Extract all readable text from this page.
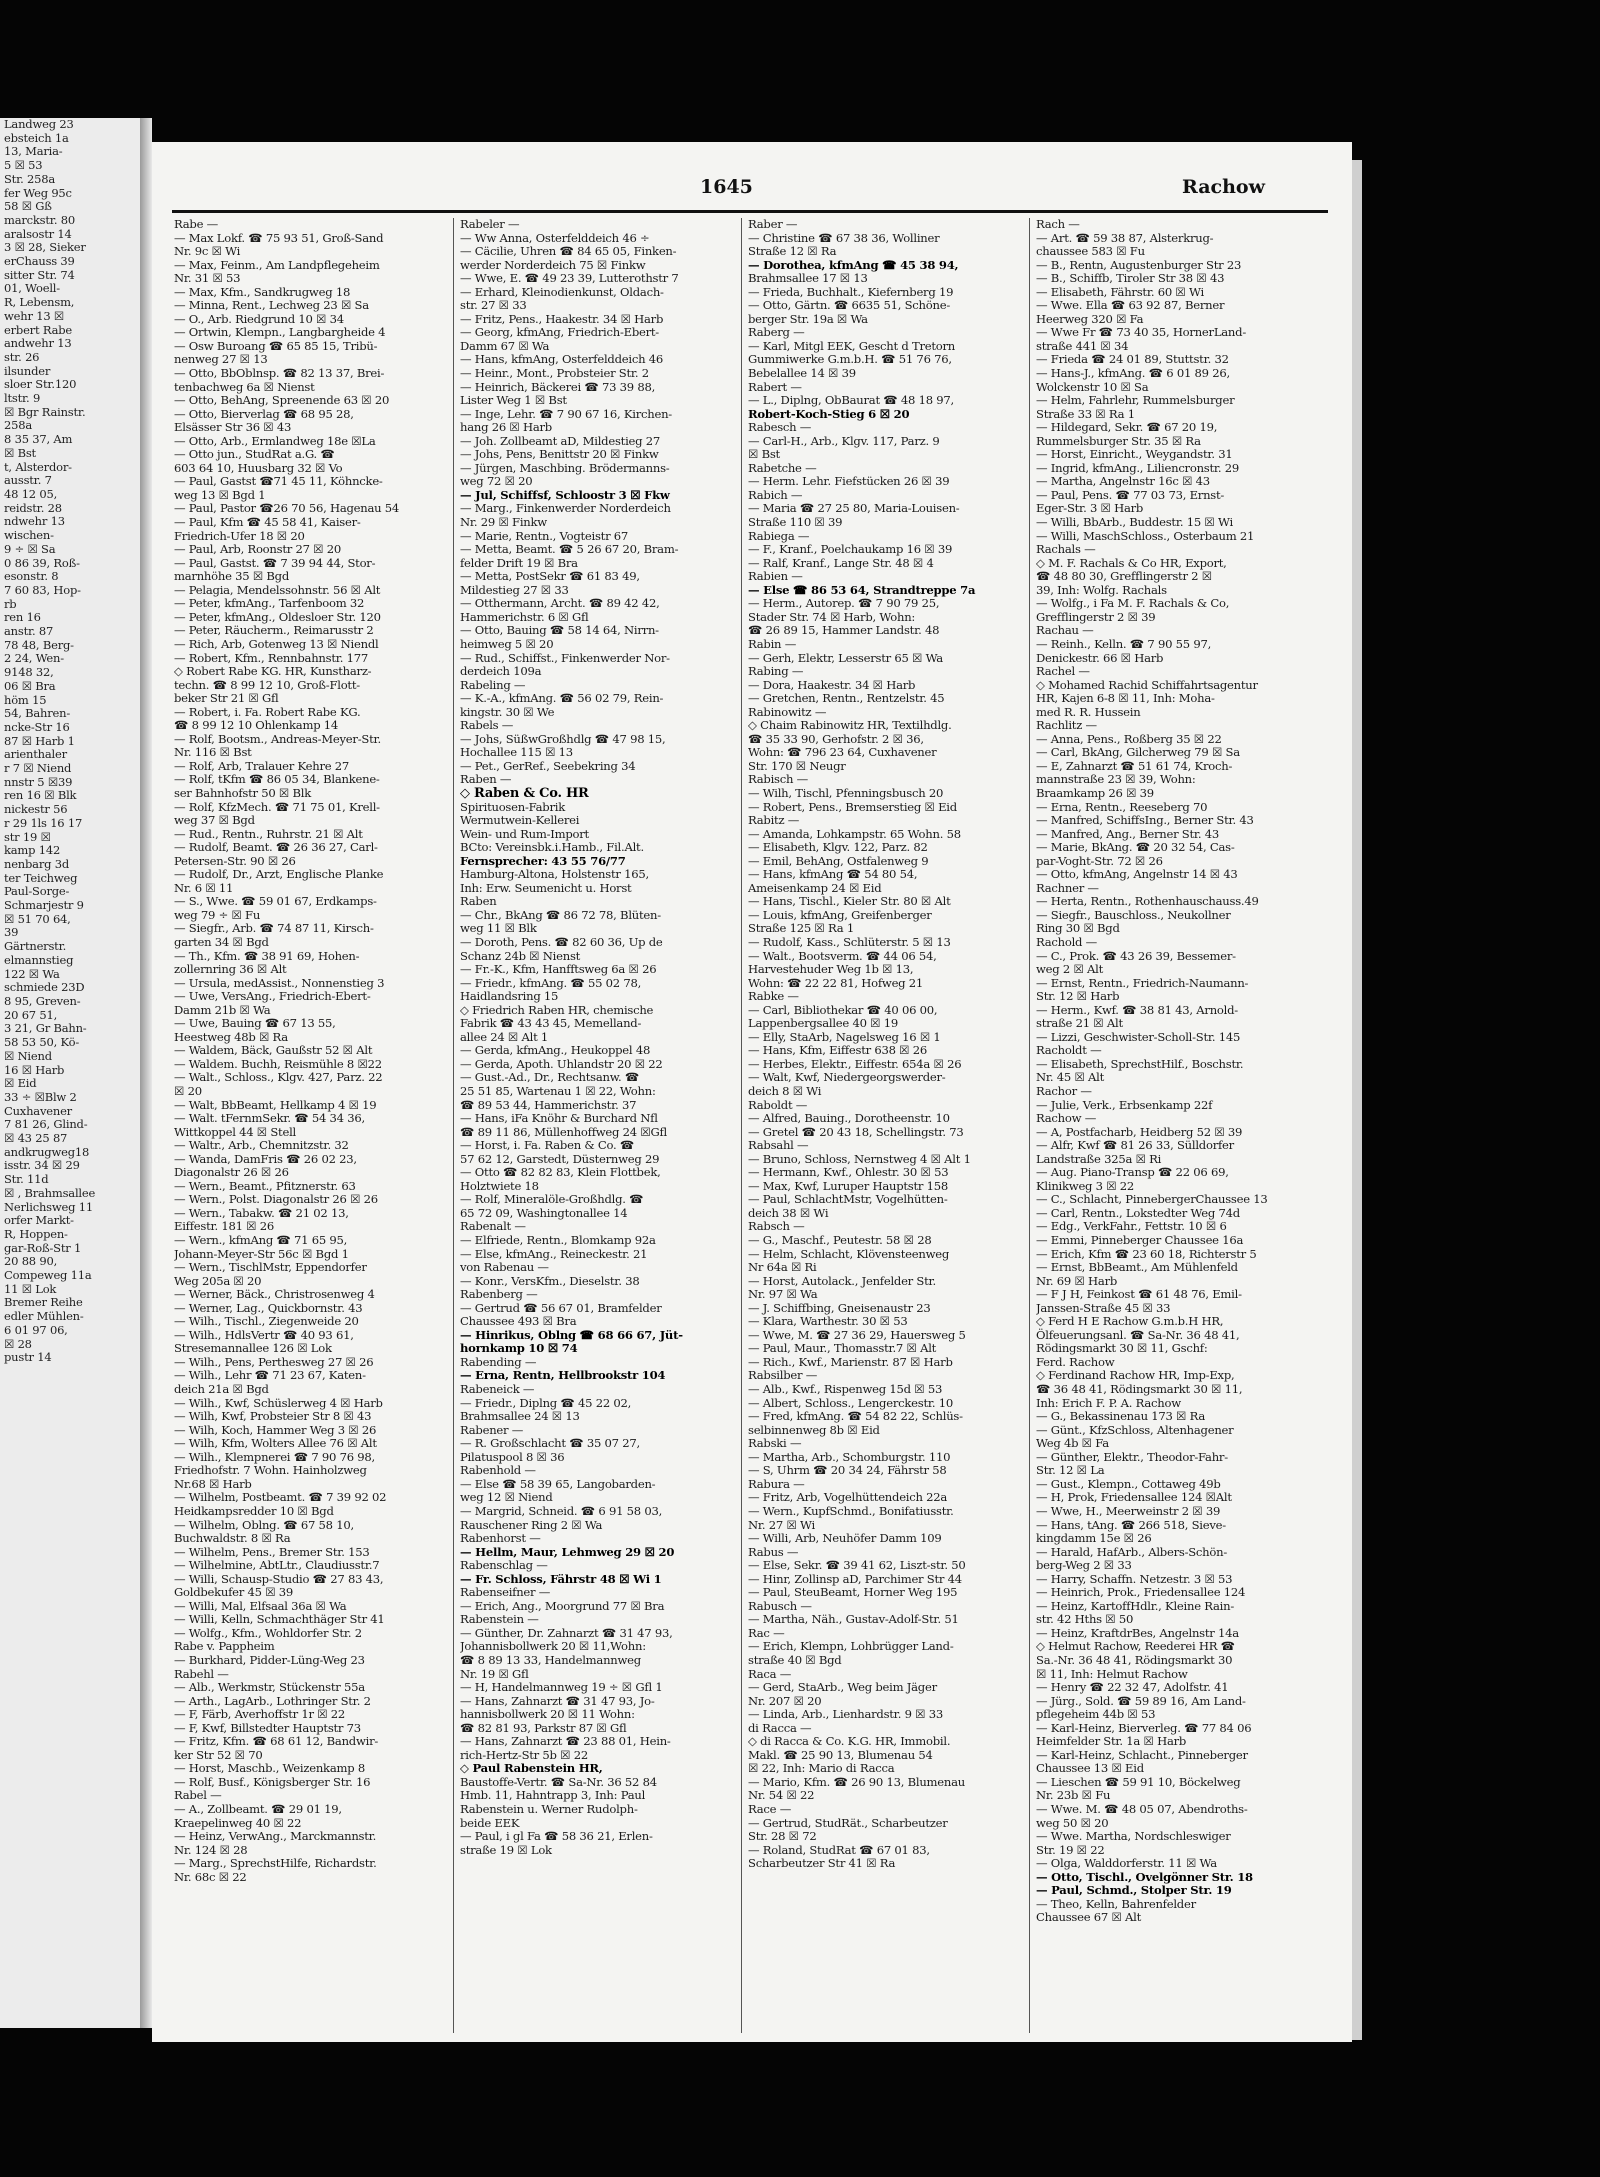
Landweg 23
ebsteich 1a
13, Maria-
5 ☒ 53
Str. 258a
fer Weg 95c
58 ☒ Gß
marckstr. 80
aralsostr 14
3 ☒ 28, Sieker
erChauss 39
sitter Str. 74
01, Woell-
R, Lebensm,
wehr 13 ☒
erbert Rabe
andwehr 13
str. 26
ilsunder
sloer Str.120
ltstr. 9
☒ Bgr Rainstr.
258a
8 35 37, Am
☒ Bst
t, Alsterdor-
ausstr. 7
48 12 05,
reidstr. 28
ndwehr 13
wischen-
9 ÷ ☒ Sa
0 86 39, Roß-
esonstr. 8
7 60 83, Hop-
rb
ren 16
anstr. 87
78 48, Berg-
2 24, Wen-
9148 32,
06 ☒ Bra
höm 15
54, Bahren-
ncke-Str 16
87 ☒ Harb 1
arienthaler
r 7 ☒ Niend
nnstr 5 ☒39
ren 16 ☒ Blk
nickestr 56
r 29 1ls 16 17
str 19 ☒
kamp 142
nenbarg 3d
ter Teichweg
Paul-Sorge-
Schmarjestr 9
☒ 51 70 64,
39
Gärtnerstr.
elmannstieg
122 ☒ Wa
schmiede 23D
8 95, Greven-
20 67 51,
3 21, Gr Bahn-
58 53 50, Kö-
☒ Niend
16 ☒ Harb
☒ Eid
33 ÷ ☒Blw 2
Cuxhavener
7 81 26, Glind-
☒ 43 25 87
andkrugweg18
isstr. 34 ☒ 29
Str. 11d
☒ , Brahmsallee
Nerlichsweg 11
orfer Markt-
R, Hoppen-
gar-Roß-Str 1
20 88 90,
Compeweg 11a
11 ☒ Lok
Bremer Reihe
edler Mühlen-
6 01 97 06,
☒ 28
pustr 14
1645	Rachow
Rabe —
— Max Lokf. ☎ 75 93 51, Groß-Sand
Nr. 9c ☒ Wi
— Max, Feinm., Am Landpflegeheim
Nr. 31 ☒ 53
— Max, Kfm., Sandkrugweg 18
— Minna, Rent., Lechweg 23 ☒ Sa
— O., Arb. Riedgrund 10 ☒ 34
— Ortwin, Klempn., Langbargheide 4
— Osw Buroang ☎ 65 85 15, Tribü-
nenweg 27 ☒ 13
— Otto, BbOblnsp. ☎ 82 13 37, Brei-
tenbachweg 6a ☒ Nienst
— Otto, BehAng, Spreenende 63 ☒ 20
— Otto, Bierverlag ☎ 68 95 28,
Elsässer Str 36 ☒ 43
— Otto, Arb., Ermlandweg 18e ☒La
— Otto jun., StudRat a.G. ☎
603 64 10, Huusbarg 32 ☒ Vo
— Paul, Gastst ☎71 45 11, Köhncke-
weg 13 ☒ Bgd 1
— Paul, Pastor ☎26 70 56, Hagenau 54
— Paul, Kfm ☎ 45 58 41, Kaiser-
Friedrich-Ufer 18 ☒ 20
— Paul, Arb, Roonstr 27 ☒ 20
— Paul, Gastst. ☎ 7 39 94 44, Stor-
marnhöhe 35 ☒ Bgd
— Pelagia, Mendelssohnstr. 56 ☒ Alt
— Peter, kfmAng., Tarfenboom 32
— Peter, kfmAng., Oldesloer Str. 120
— Peter, Räucherm., Reimarusstr 2
— Rich, Arb, Gotenweg 13 ☒ Niendl
— Robert, Kfm., Rennbahnstr. 177
◇ Robert Rabe KG. HR, Kunstharz-
techn. ☎ 8 99 12 10, Groß-Flott-
beker Str 21 ☒ Gfl
— Robert, i. Fa. Robert Rabe KG.
☎ 8 99 12 10 Ohlenkamp 14
— Rolf, Bootsm., Andreas-Meyer-Str.
Nr. 116 ☒ Bst
— Rolf, Arb, Tralauer Kehre 27
— Rolf, tKfm ☎ 86 05 34, Blankene-
ser Bahnhofstr 50 ☒ Blk
— Rolf, KfzMech. ☎ 71 75 01, Krell-
weg 37 ☒ Bgd
— Rud., Rentn., Ruhrstr. 21 ☒ Alt
— Rudolf, Beamt. ☎ 26 36 27, Carl-
Petersen-Str. 90 ☒ 26
— Rudolf, Dr., Arzt, Englische Planke
Nr. 6 ☒ 11
— S., Wwe. ☎ 59 01 67, Erdkamps-
weg 79 ÷ ☒ Fu
— Siegfr., Arb. ☎ 74 87 11, Kirsch-
garten 34 ☒ Bgd
— Th., Kfm. ☎ 38 91 69, Hohen-
zollernring 36 ☒ Alt
— Ursula, medAssist., Nonnenstieg 3
— Uwe, VersAng., Friedrich-Ebert-
Damm 21b ☒ Wa
— Uwe, Bauing ☎ 67 13 55,
Heestweg 48b ☒ Ra
— Waldem, Bäck, Gaußstr 52 ☒ Alt
— Waldem. Buchh, Reismühle 8 ☒22
— Walt., Schloss., Klgv. 427, Parz. 22
☒ 20
— Walt, BbBeamt, Hellkamp 4 ☒ 19
— Walt. tFernmSekr. ☎ 54 34 36,
Wittkoppel 44 ☒ Stell
— Waltr., Arb., Chemnitzstr. 32
— Wanda, DamFris ☎ 26 02 23,
Diagonalstr 26 ☒ 26
— Wern., Beamt., Pfitznerstr. 63
— Wern., Polst. Diagonalstr 26 ☒ 26
— Wern., Tabakw. ☎ 21 02 13,
Eiffestr. 181 ☒ 26
— Wern., kfmAng ☎ 71 65 95,
Johann-Meyer-Str 56c ☒ Bgd 1
— Wern., TischlMstr, Eppendorfer
Weg 205a ☒ 20
— Werner, Bäck., Christrosenweg 4
— Werner, Lag., Quickbornstr. 43
— Wilh., Tischl., Ziegenweide 20
— Wilh., HdlsVertr ☎ 40 93 61,
Stresemannallee 126 ☒ Lok
— Wilh., Pens, Perthesweg 27 ☒ 26
— Wilh., Lehr ☎ 71 23 67, Katen-
deich 21a ☒ Bgd
— Wilh., Kwf, Schüslerweg 4 ☒ Harb
— Wilh, Kwf, Probsteier Str 8 ☒ 43
— Wilh, Koch, Hammer Weg 3 ☒ 26
— Wilh, Kfm, Wolters Allee 76 ☒ Alt
— Wilh., Klempnerei ☎ 7 90 76 98,
Friedhofstr. 7 Wohn. Hainholzweg
Nr.68 ☒ Harb
— Wilhelm, Postbeamt. ☎ 7 39 92 02
Heidkampsredder 10 ☒ Bgd
— Wilhelm, Oblng. ☎ 67 58 10,
Buchwaldstr. 8 ☒ Ra
— Wilhelm, Pens., Bremer Str. 153
— Wilhelmine, AbtLtr., Claudiusstr.7
— Willi, Schausp-Studio ☎ 27 83 43,
Goldbekufer 45 ☒ 39
— Willi, Mal, Elfsaal 36a ☒ Wa
— Willi, Kelln, Schmachthäger Str 41
— Wolfg., Kfm., Wohldorfer Str. 2
Rabe v. Pappheim
— Burkhard, Pidder-Lüng-Weg 23
Rabehl —
— Alb., Werkmstr, Stückenstr 55a
— Arth., LagArb., Lothringer Str. 2
— F, Färb, Averhoffstr 1r ☒ 22
— F, Kwf, Billstedter Hauptstr 73
— Fritz, Kfm. ☎ 68 61 12, Bandwir-
ker Str 52 ☒ 70
— Horst, Maschb., Weizenkamp 8
— Rolf, Busf., Königsberger Str. 16
Rabel —
— A., Zollbeamt. ☎ 29 01 19,
Kraepelinweg 40 ☒ 22
— Heinz, VerwAng., Marckmannstr.
Nr. 124 ☒ 28
— Marg., SprechstHilfe, Richardstr.
Nr. 68c ☒ 22
Rabeler —
— Ww Anna, Osterfelddeich 46 ÷
— Cäcilie, Uhren ☎ 84 65 05, Finken-
werder Norderdeich 75 ☒ Finkw
— Wwe, E. ☎ 49 23 39, Lutterothstr 7
— Erhard, Kleinodienkunst, Oldach-
str. 27 ☒ 33
— Fritz, Pens., Haakestr. 34 ☒ Harb
— Georg, kfmAng, Friedrich-Ebert-
Damm 67 ☒ Wa
— Hans, kfmAng, Osterfelddeich 46
— Heinr., Mont., Probsteier Str. 2
— Heinrich, Bäckerei ☎ 73 39 88,
Lister Weg 1 ☒ Bst
— Inge, Lehr. ☎ 7 90 67 16, Kirchen-
hang 26 ☒ Harb
— Joh. Zollbeamt aD, Mildestieg 27
— Johs, Pens, Benittstr 20 ☒ Finkw
— Jürgen, Maschbing. Brödermanns-
weg 72 ☒ 20
— Jul, Schiffsf, Schloostr 3 ☒ Fkw
— Marg., Finkenwerder Norderdeich
Nr. 29 ☒ Finkw
— Marie, Rentn., Vogteistr 67
— Metta, Beamt. ☎ 5 26 67 20, Bram-
felder Drift 19 ☒ Bra
— Metta, PostSekr ☎ 61 83 49,
Mildestieg 27 ☒ 33
— Otthermann, Archt. ☎ 89 42 42,
Hammerichstr. 6 ☒ Gfl
— Otto, Bauing ☎ 58 14 64, Nirrn-
heimweg 5 ☒ 20
— Rud., Schiffst., Finkenwerder Nor-
derdeich 109a
Rabeling —
— K.-A., kfmAng. ☎ 56 02 79, Rein-
kingstr. 30 ☒ We
Rabels —
— Johs, SüßwGroßhdlg ☎ 47 98 15,
Hochallee 115 ☒ 13
— Pet., GerRef., Seebekring 34
Raben —
◇ Raben & Co. HR
Spirituosen-Fabrik
Wermutwein-Kellerei
Wein- und Rum-Import
BCto: Vereinsbk.i.Hamb., Fil.Alt.
Fernsprecher: 43 55 76/77
Hamburg-Altona, Holstenstr 165,
Inh: Erw. Seumenicht u. Horst
Raben
— Chr., BkAng ☎ 86 72 78, Blüten-
weg 11 ☒ Blk
— Doroth, Pens. ☎ 82 60 36, Up de
Schanz 24b ☒ Nienst
— Fr.-K., Kfm, Hanfftsweg 6a ☒ 26
— Friedr., kfmAng. ☎ 55 02 78,
Haidlandsring 15
◇ Friedrich Raben HR, chemische
Fabrik ☎ 43 43 45, Memelland-
allee 24 ☒ Alt 1
— Gerda, kfmAng., Heukoppel 48
— Gerda, Apoth. Uhlandstr 20 ☒ 22
— Gust.-Ad., Dr., Rechtsanw. ☎
25 51 85, Wartenau 1 ☒ 22, Wohn:
☎ 89 53 44, Hammerichstr. 37
— Hans, iFa Knöhr & Burchard Nfl
☎ 89 11 86, Müllenhoffweg 24 ☒Gfl
— Horst, i. Fa. Raben & Co. ☎
57 62 12, Garstedt, Düsternweg 29
— Otto ☎ 82 82 83, Klein Flottbek,
Holztwiete 18
— Rolf, Mineralöle-Großhdlg. ☎
65 72 09, Washingtonallee 14
Rabenalt —
— Elfriede, Rentn., Blomkamp 92a
— Else, kfmAng., Reineckestr. 21
von Rabenau —
— Konr., VersKfm., Dieselstr. 38
Rabenberg —
— Gertrud ☎ 56 67 01, Bramfelder
Chaussee 493 ☒ Bra
— Hinrikus, Oblng ☎ 68 66 67, Jüt-
hornkamp 10 ☒ 74
Rabending —
— Erna, Rentn, Hellbrookstr 104
Rabeneick —
— Friedr., Diplng ☎ 45 22 02,
Brahmsallee 24 ☒ 13
Rabener —
— R. Großschlacht ☎ 35 07 27,
Pilatuspool 8 ☒ 36
Rabenhold —
— Else ☎ 58 39 65, Langobarden-
weg 12 ☒ Niend
— Margrid, Schneid. ☎ 6 91 58 03,
Rauschener Ring 2 ☒ Wa
Rabenhorst —
— Hellm, Maur, Lehmweg 29 ☒ 20
Rabenschlag —
— Fr. Schloss, Fährstr 48 ☒ Wi 1
Rabenseifner —
— Erich, Ang., Moorgrund 77 ☒ Bra
Rabenstein —
— Günther, Dr. Zahnarzt ☎ 31 47 93,
Johannisbollwerk 20 ☒ 11,Wohn:
☎ 8 89 13 33, Handelmannweg
Nr. 19 ☒ Gfl
— H, Handelmannweg 19 ÷ ☒ Gfl 1
— Hans, Zahnarzt ☎ 31 47 93, Jo-
hannisbollwerk 20 ☒ 11 Wohn:
☎ 82 81 93, Parkstr 87 ☒ Gfl
— Hans, Zahnarzt ☎ 23 88 01, Hein-
rich-Hertz-Str 5b ☒ 22
◇ Paul Rabenstein HR,
Baustoffe-Vertr. ☎ Sa-Nr. 36 52 84
Hmb. 11, Hahntrapp 3, Inh: Paul
Rabenstein u. Werner Rudolph-
beide EEK
— Paul, i gl Fa ☎ 58 36 21, Erlen-
straße 19 ☒ Lok
Raber —
— Christine ☎ 67 38 36, Wolliner
Straße 12 ☒ Ra
— Dorothea, kfmAng ☎ 45 38 94,
Brahmsallee 17 ☒ 13
— Frieda, Buchhalt., Kiefernberg 19
— Otto, Gärtn. ☎ 6635 51, Schöne-
berger Str. 19a ☒ Wa
Raberg —
— Karl, Mitgl EEK, Gescht d Tretorn
Gummiwerke G.m.b.H. ☎ 51 76 76,
Bebelallee 14 ☒ 39
Rabert —
— L., Diplng, ObBaurat ☎ 48 18 97,
Robert-Koch-Stieg 6 ☒ 20
Rabesch —
— Carl-H., Arb., Klgv. 117, Parz. 9
☒ Bst
Rabetche —
— Herm. Lehr. Fiefstücken 26 ☒ 39
Rabich —
— Maria ☎ 27 25 80, Maria-Louisen-
Straße 110 ☒ 39
Rabiega —
— F., Kranf., Poelchaukamp 16 ☒ 39
— Ralf, Kranf., Lange Str. 48 ☒ 4
Rabien —
— Else ☎ 86 53 64, Strandtreppe 7a
— Herm., Autorep. ☎ 7 90 79 25,
Stader Str. 74 ☒ Harb, Wohn:
☎ 26 89 15, Hammer Landstr. 48
Rabin —
— Gerh, Elektr, Lesserstr 65 ☒ Wa
Rabing —
— Dora, Haakestr. 34 ☒ Harb
— Gretchen, Rentn., Rentzelstr. 45
Rabinowitz —
◇ Chaim Rabinowitz HR, Textilhdlg.
☎ 35 33 90, Gerhofstr. 2 ☒ 36,
Wohn: ☎ 796 23 64, Cuxhavener
Str. 170 ☒ Neugr
Rabisch —
— Wilh, Tischl, Pfenningsbusch 20
— Robert, Pens., Bremserstieg ☒ Eid
Rabitz —
— Amanda, Lohkampstr. 65 Wohn. 58
— Elisabeth, Klgv. 122, Parz. 82
— Emil, BehAng, Ostfalenweg 9
— Hans, kfmAng ☎ 54 80 54,
Ameisenkamp 24 ☒ Eid
— Hans, Tischl., Kieler Str. 80 ☒ Alt
— Louis, kfmAng, Greifenberger
Straße 125 ☒ Ra 1
— Rudolf, Kass., Schlüterstr. 5 ☒ 13
— Walt., Bootsverm. ☎ 44 06 54,
Harvestehuder Weg 1b ☒ 13,
Wohn: ☎ 22 22 81, Hofweg 21
Rabke —
— Carl, Bibliothekar ☎ 40 06 00,
Lappenbergsallee 40 ☒ 19
— Elly, StaArb, Nagelsweg 16 ☒ 1
— Hans, Kfm, Eiffestr 638 ☒ 26
— Herbes, Elektr., Eiffestr. 654a ☒ 26
— Walt, Kwf, Niedergeorgswerder-
deich 8 ☒ Wi
Raboldt —
— Alfred, Bauing., Dorotheenstr. 10
— Gretel ☎ 20 43 18, Schellingstr. 73
Rabsahl —
— Bruno, Schloss, Nernstweg 4 ☒ Alt 1
— Hermann, Kwf., Ohlestr. 30 ☒ 53
— Max, Kwf, Luruper Hauptstr 158
— Paul, SchlachtMstr, Vogelhütten-
deich 38 ☒ Wi
Rabsch —
— G., Maschf., Peutestr. 58 ☒ 28
— Helm, Schlacht, Klövensteenweg
Nr 64a ☒ Ri
— Horst, Autolack., Jenfelder Str.
Nr. 97 ☒ Wa
— J. Schiffbing, Gneisenaustr 23
— Klara, Warthestr. 30 ☒ 53
— Wwe, M. ☎ 27 36 29, Hauersweg 5
— Paul, Maur., Thomasstr.7 ☒ Alt
— Rich., Kwf., Marienstr. 87 ☒ Harb
Rabsilber —
— Alb., Kwf., Rispenweg 15d ☒ 53
— Albert, Schloss., Lengerckestr. 10
— Fred, kfmAng. ☎ 54 82 22, Schlüs-
selbinnenweg 8b ☒ Eid
Rabski —
— Martha, Arb., Schomburgstr. 110
— S, Uhrm ☎ 20 34 24, Fährstr 58
Rabura —
— Fritz, Arb, Vogelhüttendeich 22a
— Wern., KupfSchmd., Bonifatiusstr.
Nr. 27 ☒ Wi
— Willi, Arb, Neuhöfer Damm 109
Rabus —
— Else, Sekr. ☎ 39 41 62, Liszt-str. 50
— Hinr, Zollinsp aD, Parchimer Str 44
— Paul, SteuBeamt, Horner Weg 195
Rabusch —
— Martha, Näh., Gustav-Adolf-Str. 51
Rac —
— Erich, Klempn, Lohbrügger Land-
straße 40 ☒ Bgd
Raca —
— Gerd, StaArb., Weg beim Jäger
Nr. 207 ☒ 20
— Linda, Arb., Lienhardstr. 9 ☒ 33
di Racca —
◇ di Racca & Co. K.G. HR, Immobil.
Makl. ☎ 25 90 13, Blumenau 54
☒ 22, Inh: Mario di Racca
— Mario, Kfm. ☎ 26 90 13, Blumenau
Nr. 54 ☒ 22
Race —
— Gertrud, StudRät., Scharbeutzer
Str. 28 ☒ 72
— Roland, StudRat ☎ 67 01 83,
Scharbeutzer Str 41 ☒ Ra
Rach —
— Art. ☎ 59 38 87, Alsterkrug-
chaussee 583 ☒ Fu
— B., Rentn, Augustenburger Str 23
— B., Schiffb, Tiroler Str 38 ☒ 43
— Elisabeth, Fährstr. 60 ☒ Wi
— Wwe. Ella ☎ 63 92 87, Berner
Heerweg 320 ☒ Fa
— Wwe Fr ☎ 73 40 35, HornerLand-
straße 441 ☒ 34
— Frieda ☎ 24 01 89, Stuttstr. 32
— Hans-J., kfmAng. ☎ 6 01 89 26,
Wolckenstr 10 ☒ Sa
— Helm, Fahrlehr, Rummelsburger
Straße 33 ☒ Ra 1
— Hildegard, Sekr. ☎ 67 20 19,
Rummelsburger Str. 35 ☒ Ra
— Horst, Einricht., Weygandstr. 31
— Ingrid, kfmAng., Liliencronstr. 29
— Martha, Angelnstr 16c ☒ 43
— Paul, Pens. ☎ 77 03 73, Ernst-
Eger-Str. 3 ☒ Harb
— Willi, BbArb., Buddestr. 15 ☒ Wi
— Willi, MaschSchloss., Osterbaum 21
Rachals —
◇ M. F. Rachals & Co HR, Export,
☎ 48 80 30, Grefflingerstr 2 ☒
39, Inh: Wolfg. Rachals
— Wolfg., i Fa M. F. Rachals & Co,
Grefflingerstr 2 ☒ 39
Rachau —
— Reinh., Kelln. ☎ 7 90 55 97,
Denickestr. 66 ☒ Harb
Rachel —
◇ Mohamed Rachid Schiffahrtsagentur
HR, Kajen 6-8 ☒ 11, Inh: Moha-
med R. R. Hussein
Rachlitz —
— Anna, Pens., Roßberg 35 ☒ 22
— Carl, BkAng, Gilcherweg 79 ☒ Sa
— E, Zahnarzt ☎ 51 61 74, Kroch-
mannstraße 23 ☒ 39, Wohn:
Braamkamp 26 ☒ 39
— Erna, Rentn., Reeseberg 70
— Manfred, SchiffsIng., Berner Str. 43
— Manfred, Ang., Berner Str. 43
— Marie, BkAng. ☎ 20 32 54, Cas-
par-Voght-Str. 72 ☒ 26
— Otto, kfmAng, Angelnstr 14 ☒ 43
Rachner —
— Herta, Rentn., Rothenhauschauss.49
— Siegfr., Bauschloss., Neukollner
Ring 30 ☒ Bgd
Rachold —
— C., Prok. ☎ 43 26 39, Bessemer-
weg 2 ☒ Alt
— Ernst, Rentn., Friedrich-Naumann-
Str. 12 ☒ Harb
— Herm., Kwf. ☎ 38 81 43, Arnold-
straße 21 ☒ Alt
— Lizzi, Geschwister-Scholl-Str. 145
Racholdt —
— Elisabeth, SprechstHilf., Boschstr.
Nr. 45 ☒ Alt
Rachor —
— Julie, Verk., Erbsenkamp 22f
Rachow —
— A, Postfacharb, Heidberg 52 ☒ 39
— Alfr, Kwf ☎ 81 26 33, Sülldorfer
Landstraße 325a ☒ Ri
— Aug. Piano-Transp ☎ 22 06 69,
Klinikweg 3 ☒ 22
— C., Schlacht, PinnebergerChaussee 13
— Carl, Rentn., Lokstedter Weg 74d
— Edg., VerkFahr., Fettstr. 10 ☒ 6
— Emmi, Pinneberger Chaussee 16a
— Erich, Kfm ☎ 23 60 18, Richterstr 5
— Ernst, BbBeamt., Am Mühlenfeld
Nr. 69 ☒ Harb
— F J H, Feinkost ☎ 61 48 76, Emil-
Janssen-Straße 45 ☒ 33
◇ Ferd H E Rachow G.m.b.H HR,
Ölfeuerungsanl. ☎ Sa-Nr. 36 48 41,
Rödingsmarkt 30 ☒ 11, Gschf:
Ferd. Rachow
◇ Ferdinand Rachow HR, Imp-Exp,
☎ 36 48 41, Rödingsmarkt 30 ☒ 11,
Inh: Erich F. P. A. Rachow
— G., Bekassinenau 173 ☒ Ra
— Günt., KfzSchloss, Altenhagener
Weg 4b ☒ Fa
— Günther, Elektr., Theodor-Fahr-
Str. 12 ☒ La
— Gust., Klempn., Cottaweg 49b
— H, Prok, Friedensallee 124 ☒Alt
— Wwe, H., Meerweinstr 2 ☒ 39
— Hans, tAng. ☎ 266 518, Sieve-
kingdamm 15e ☒ 26
— Harald, HafArb., Albers-Schön-
berg-Weg 2 ☒ 33
— Harry, Schaffn. Netzestr. 3 ☒ 53
— Heinrich, Prok., Friedensallee 124
— Heinz, KartoffHdlr., Kleine Rain-
str. 42 Hths ☒ 50
— Heinz, KraftdrBes, Angelnstr 14a
◇ Helmut Rachow, Reederei HR ☎
Sa.-Nr. 36 48 41, Rödingsmarkt 30
☒ 11, Inh: Helmut Rachow
— Henry ☎ 22 32 47, Adolfstr. 41
— Jürg., Sold. ☎ 59 89 16, Am Land-
pflegeheim 44b ☒ 53
— Karl-Heinz, Bierverleg. ☎ 77 84 06
Heimfelder Str. 1a ☒ Harb
— Karl-Heinz, Schlacht., Pinneberger
Chaussee 13 ☒ Eid
— Lieschen ☎ 59 91 10, Böckelweg
Nr. 23b ☒ Fu
— Wwe. M. ☎ 48 05 07, Abendroths-
weg 50 ☒ 20
— Wwe. Martha, Nordschleswiger
Str. 19 ☒ 22
— Olga, Walddorferstr. 11 ☒ Wa
— Otto, Tischl., Ovelgönner Str. 18
— Paul, Schmd., Stolper Str. 19
— Theo, Kelln, Bahrenfelder
Chaussee 67 ☒ Alt
